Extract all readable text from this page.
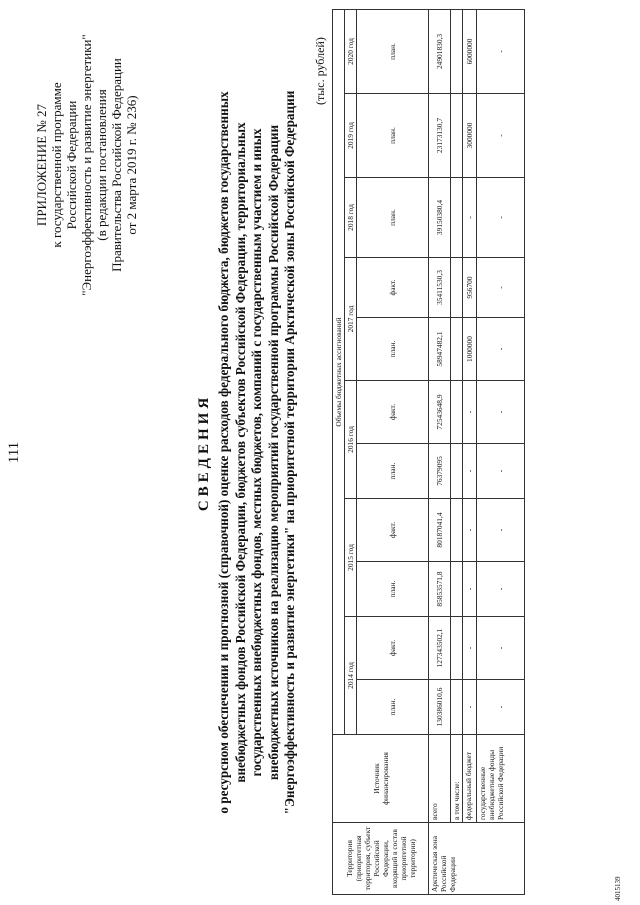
111
ПРИЛОЖЕНИЕ № 27 к государственной программе Российской Федерации "Энергоэффективность и развитие энергетики" (в редакции постановления Правительства Российской Федерации от 2 марта 2019 г. № 236)
СВЕДЕНИЯ о ресурсном обеспечении и прогнозной (справочной) оценке расходов федерального бюджета, бюджетов государственных внебюджетных фондов Российской Федерации, бюджетов субъектов Российской Федерации, территориальных государственных внебюджетных фондов, местных бюджетов, компаний с государственным участием и иных внебюджетных источников на реализацию мероприятий государственной программы Российской Федерации "Энергоэффективность и развитие энергетики" на приоритетной территории Арктической зоны Российской Федерации
(тыс. рублей)
Территория (приоритетная территория, субъект Российской Федерации, входящий в состав приоритетной территории)	Источник финансирования	Объемы бюджетных ассигнований										
		2014 год		2015 год		2016 год		2017 год		2018 год	2019 год	2020 год
		план.	факт.	план.	факт.	план.	факт.	план.	факт.	план.	план.	план.
Арктическая зона Российской Федерации	всего	130386010,6	127343502,1	85853571,8	80187041,4	76379095	72543648,9	58947482,1	35411530,3	39150380,4	23173130,7	24901830,3
	в том числе:											
	федеральный бюджет	-	-	-	-	-	-	1000000	956700	-	3000000	6000000
	государственные внебюджетные фонды Российской Федерации	-	-	-	-	-	-	-	-	-	-	-
4015139
